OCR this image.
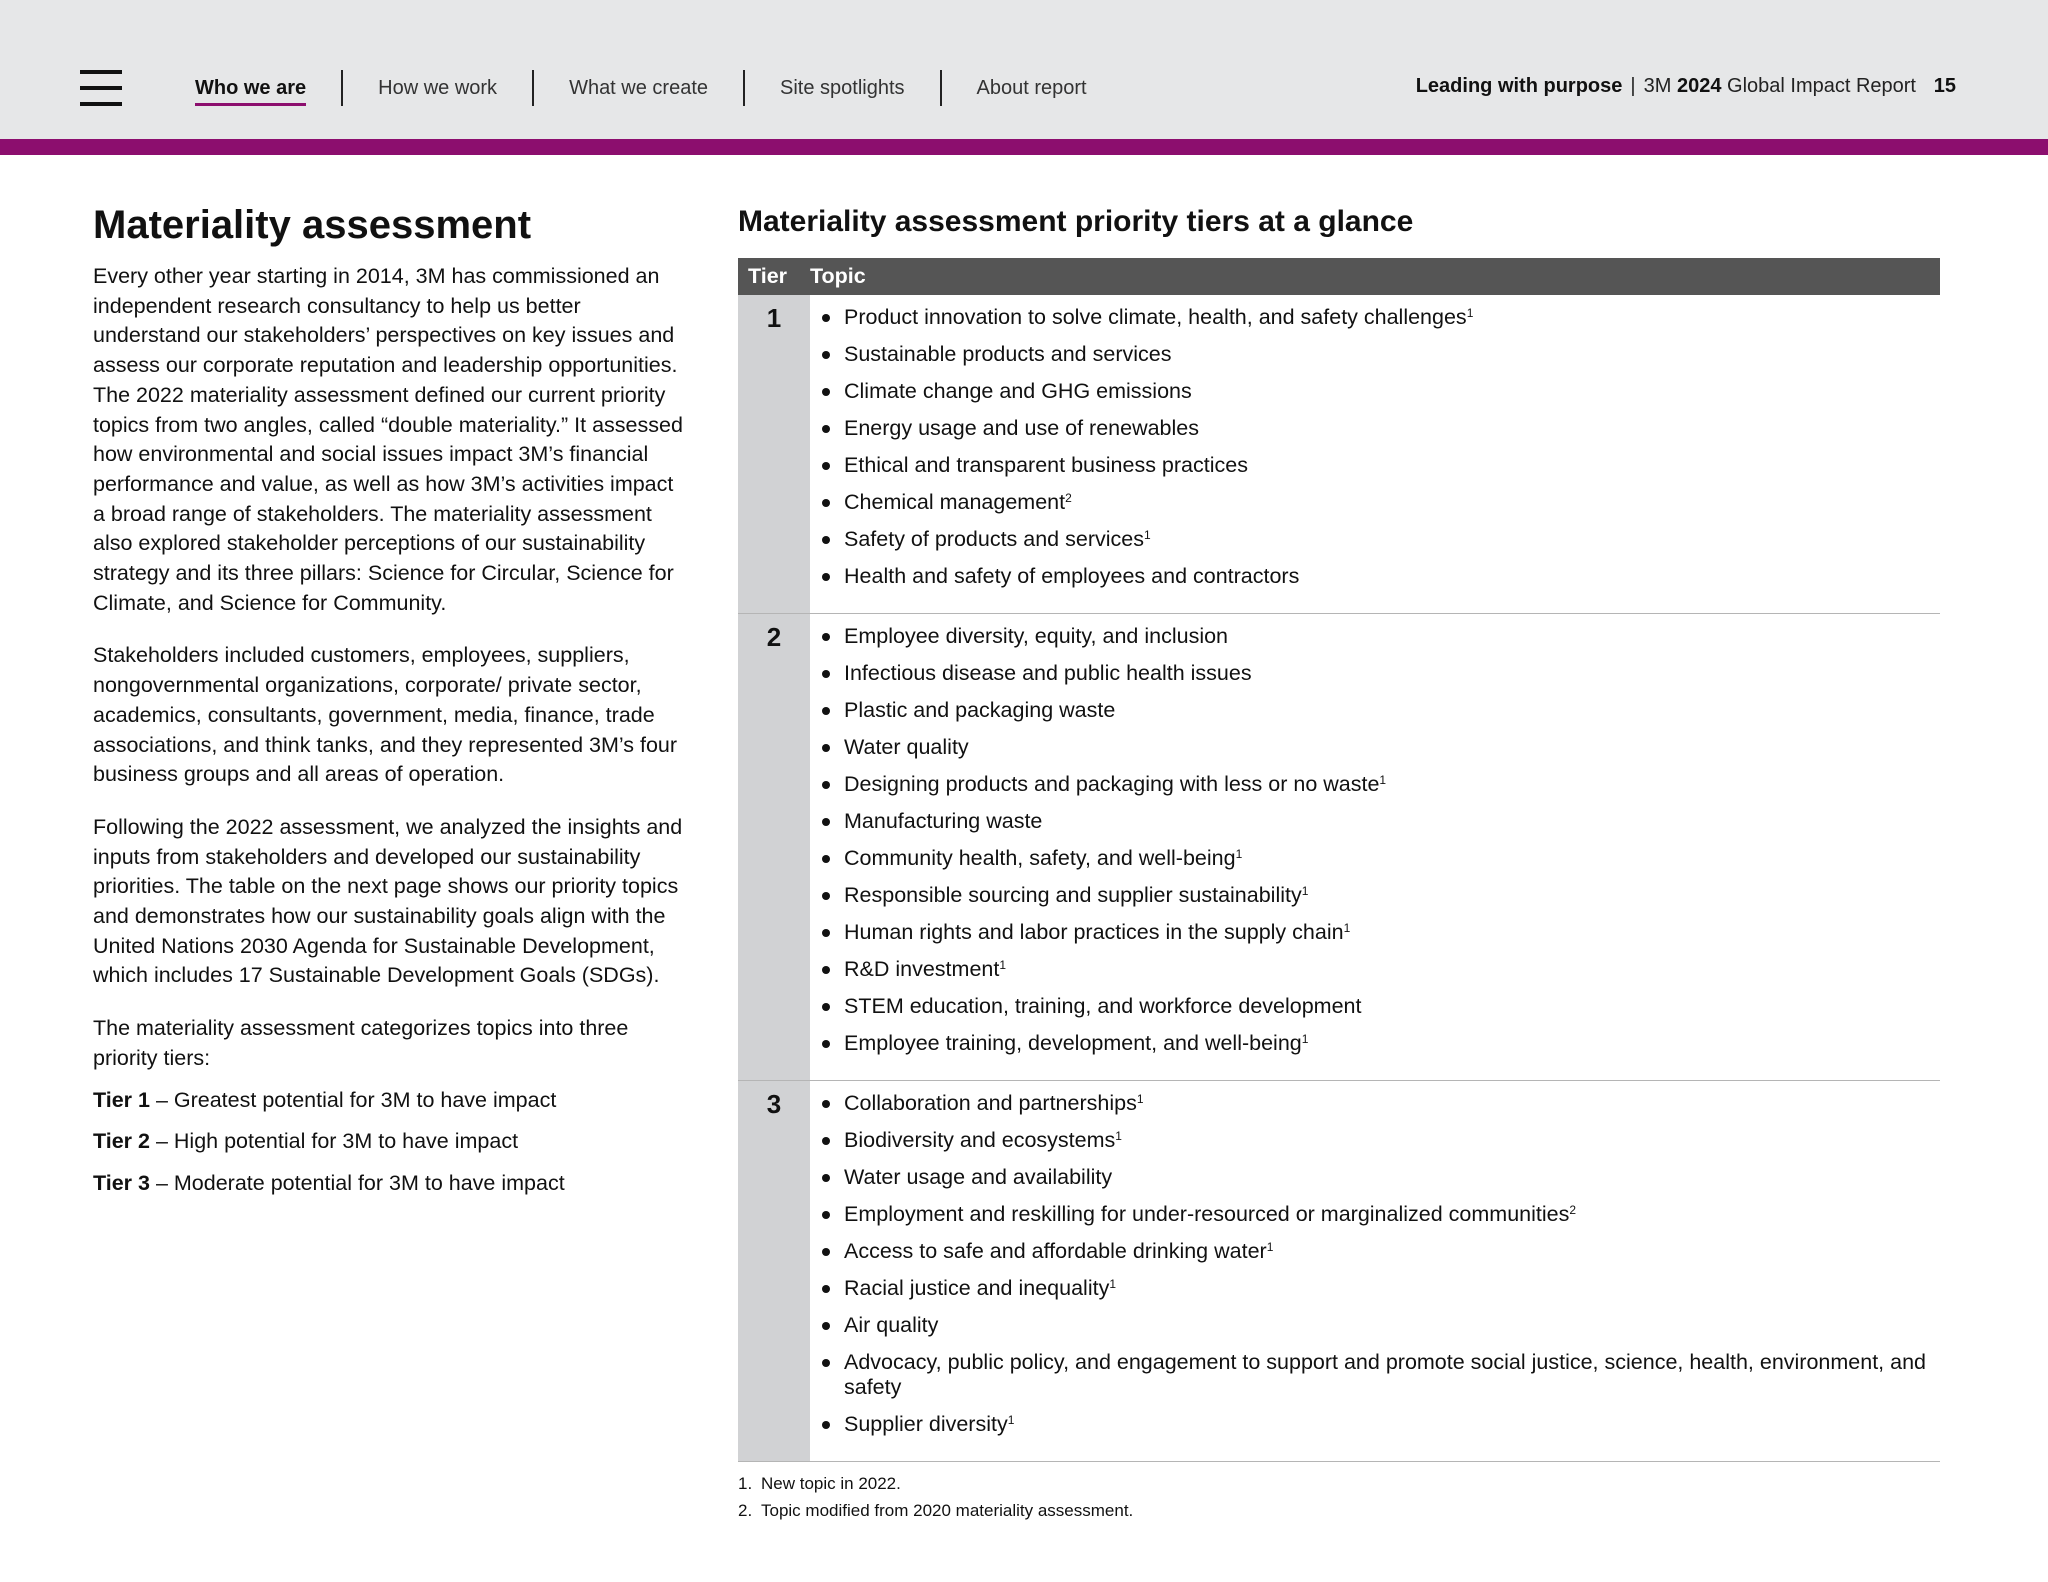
Who we are	How we work	What we create	Site spotlights	About report	Leading with purpose | 3M 2024 Global Impact Report 15
Materiality assessment

Every other year starting in 2014, 3M has commissioned an independent research consultancy to help us better understand our stakeholders’ perspectives on key issues and assess our corporate reputation and leadership opportunities. The 2022 materiality assessment defined our current priority topics from two angles, called “double materiality.” It assessed how environmental and social issues impact 3M’s financial performance and value, as well as how 3M’s activities impact a broad range of stakeholders. The materiality assessment also explored stakeholder perceptions of our sustainability strategy and its three pillars: Science for Circular, Science for Climate, and Science for Community.

Stakeholders included customers, employees, suppliers, nongovernmental organizations, corporate/ private sector, academics, consultants, government, media, finance, trade associations, and think tanks, and they represented 3M’s four business groups and all areas of operation.

Following the 2022 assessment, we analyzed the insights and inputs from stakeholders and developed our sustainability priorities. The table on the next page shows our priority topics and demonstrates how our sustainability goals align with the United Nations 2030 Agenda for Sustainable Development, which includes 17 Sustainable Development Goals (SDGs).

The materiality assessment categorizes topics into three priority tiers:

Tier 1 – Greatest potential for 3M to have impact
Tier 2 – High potential for 3M to have impact
Tier 3 – Moderate potential for 3M to have impact
Materiality assessment priority tiers at a glance
Tier	Topic
1	Product innovation to solve climate, health, and safety challenges$^1$
Sustainable products and services
Climate change and GHG emissions
Energy usage and use of renewables
Ethical and transparent business practices
Chemical management$^2$
Safety of products and services$^1$
Health and safety of employees and contractors
2	Employee diversity, equity, and inclusion
Infectious disease and public health issues
Plastic and packaging waste
Water quality
Designing products and packaging with less or no waste$^1$
Manufacturing waste
Community health, safety, and well-being$^1$
Responsible sourcing and supplier sustainability$^1$
Human rights and labor practices in the supply chain$^1$
R&D investment$^1$
STEM education, training, and workforce development
Employee training, development, and well-being$^1$
3	Collaboration and partnerships$^1$
Biodiversity and ecosystems$^1$
Water usage and availability
Employment and reskilling for under-resourced or marginalized communities$^2$
Access to safe and affordable drinking water$^1$
Racial justice and inequality$^1$
Air quality
Advocacy, public policy, and engagement to support and promote social justice, science, health, environment, and safety
Supplier diversity$^1$
1. New topic in 2022.
2. Topic modified from 2020 materiality assessment.
